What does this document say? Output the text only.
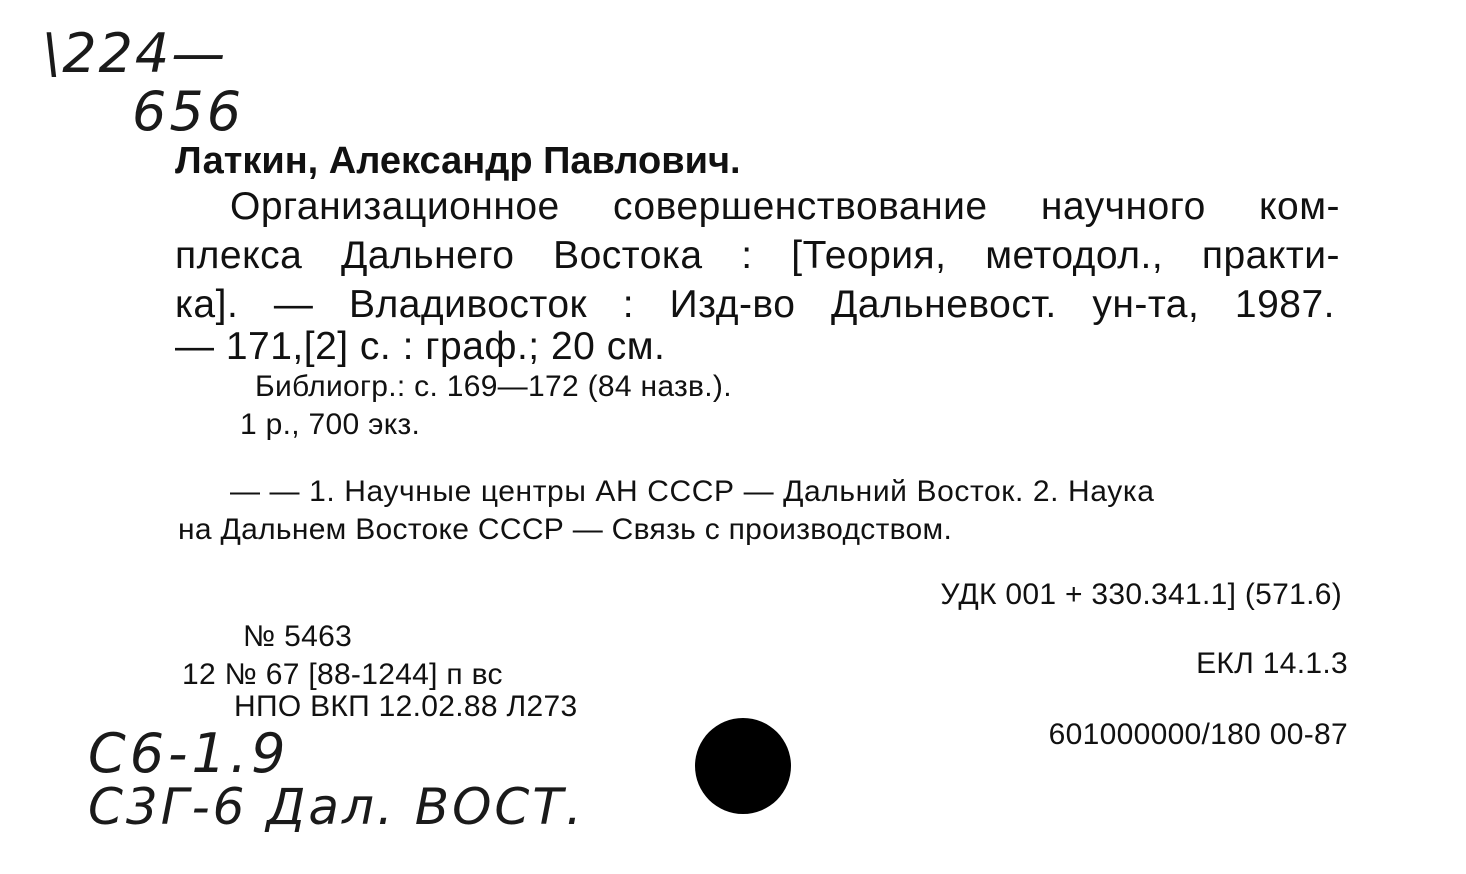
\224—
656
Латкин, Александр Павлович.
Организационное совершенствование научного ком-
плекса Дальнего Востока : [Теория, методол., практи-
ка]. — Владивосток : Изд-во Дальневост. ун-та, 1987.
— 171,[2] с. : граф.; 20 см.
Библиогр.: с. 169—172 (84 назв.).
1 р., 700 экз.
— — 1. Научные центры АН СССР — Дальний Восток. 2. Наука
на Дальнем Востоке СССР — Связь с производством.
УДК 001 + 330.341.1] (571.6)
№ 5463
12 № 67 [88-1244] п вс
НПО ВКП 12.02.88 Л273
ЕКЛ 14.1.3
601000000/180 00-87
С6-1.9
С3Г-6 Дал. ВОСТ.
